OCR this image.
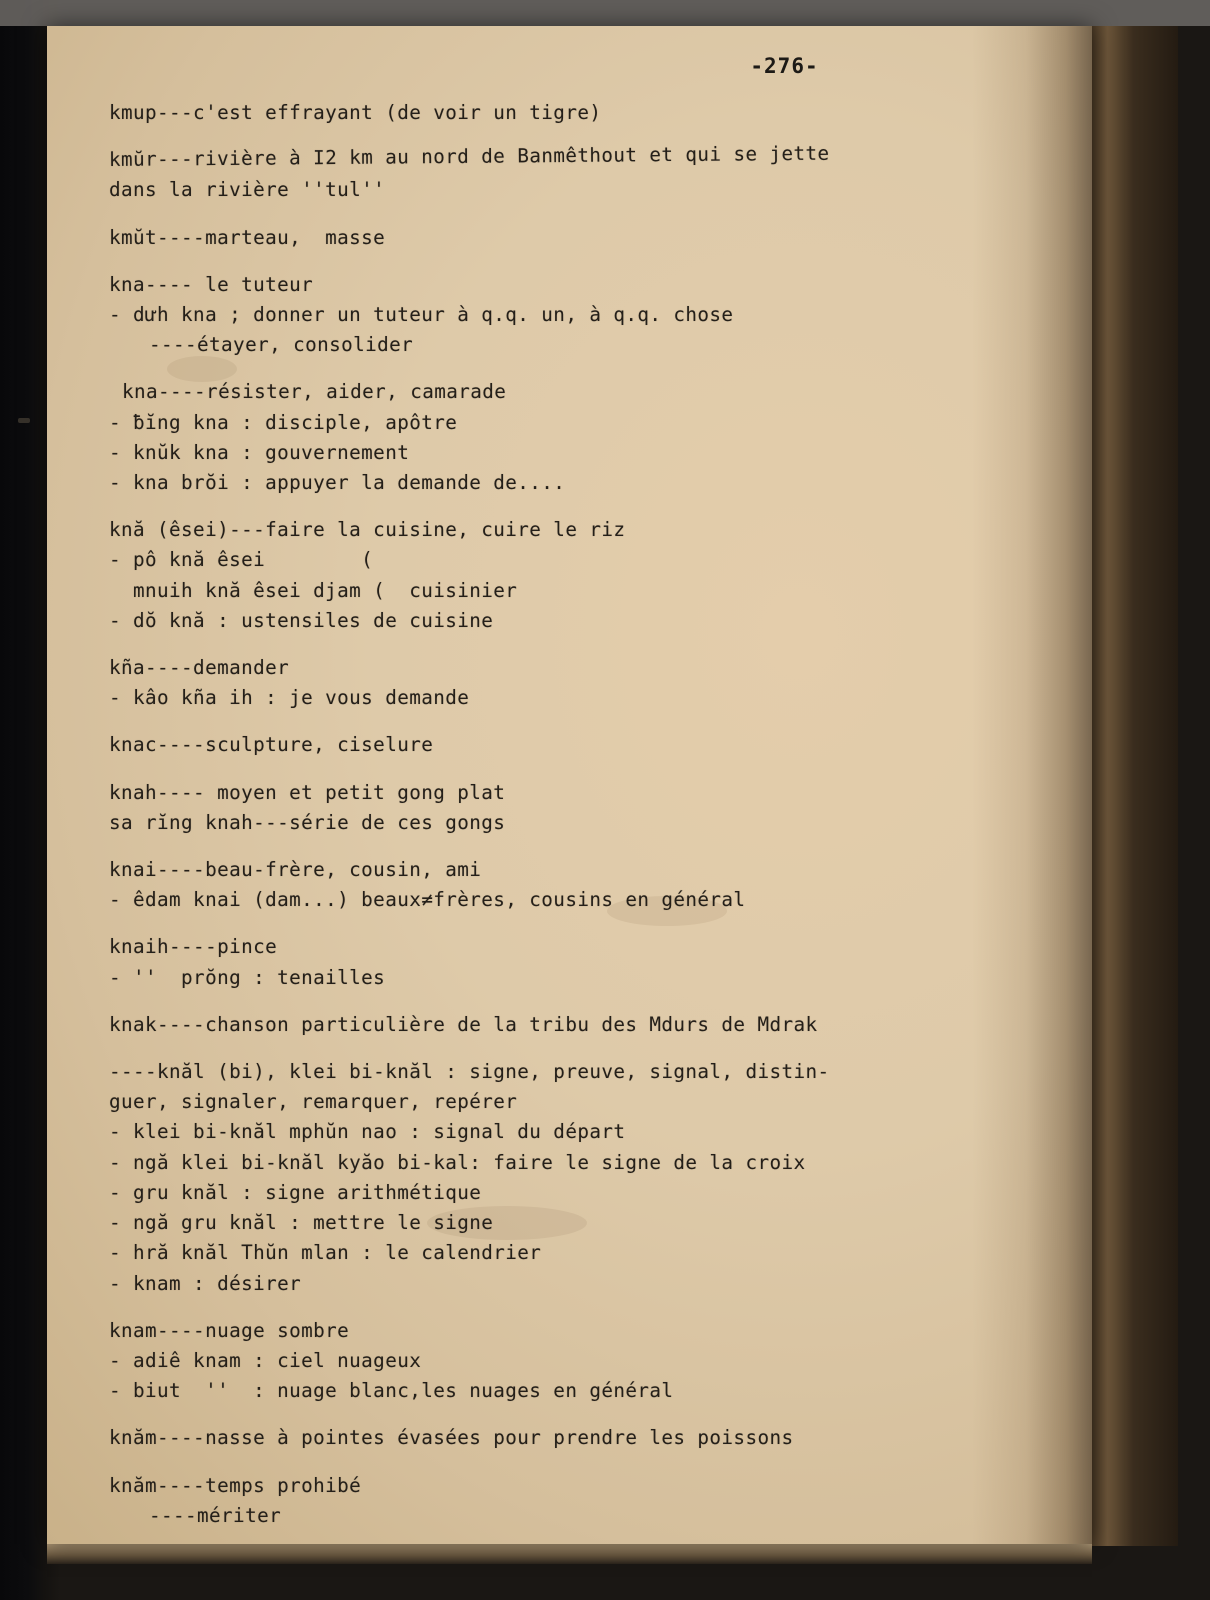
-276-
kmup---c'est effrayant (de voir un tigre)
kmŭr---rivière à I2 km au nord de Banmêthout et qui se jette
dans la rivière ''tul''
kmŭt----marteau,  masse
kna---- le tuteur
- dưh kna ; donner un tuteur à q.q. un, à q.q. chose
----étayer, consolider
kna----résister, aider, camarade
- ƀĭng kna : disciple, apôtre
- knŭk kna : gouvernement
- kna brŏi : appuyer la demande de....
knă (êsei)---faire la cuisine, cuire le riz
- pô knă êsei        (
mnuih knă êsei djam (  cuisinier
- dŏ knă : ustensiles de cuisine
kña----demander
- kâo kña ih : je vous demande
knac----sculpture, ciselure
knah---- moyen et petit gong plat
sa rĭng knah---série de ces gongs
knai----beau-frère, cousin, ami
- êdam knai (dam...) beaux≠frères, cousins en général
knaih----pince
- ''  prŏng : tenailles
knak----chanson particulière de la tribu des Mdurs de Mdrak
----knăl (bi), klei bi-knăl : signe, preuve, signal, distin-
guer, signaler, remarquer, repérer
- klei bi-knăl mphŭn nao : signal du départ
- ngă klei bi-knăl kyăo bi-kal: faire le signe de la croix
- gru knăl : signe arithmétique
- ngă gru knăl : mettre le signe
- hră knăl Thŭn mlan : le calendrier
- knam : désirer
knam----nuage sombre
- adiê knam : ciel nuageux
- biut  ''  : nuage blanc,les nuages en général
knăm----nasse à pointes évasées pour prendre les poissons
knăm----temps prohibé
----mériter
